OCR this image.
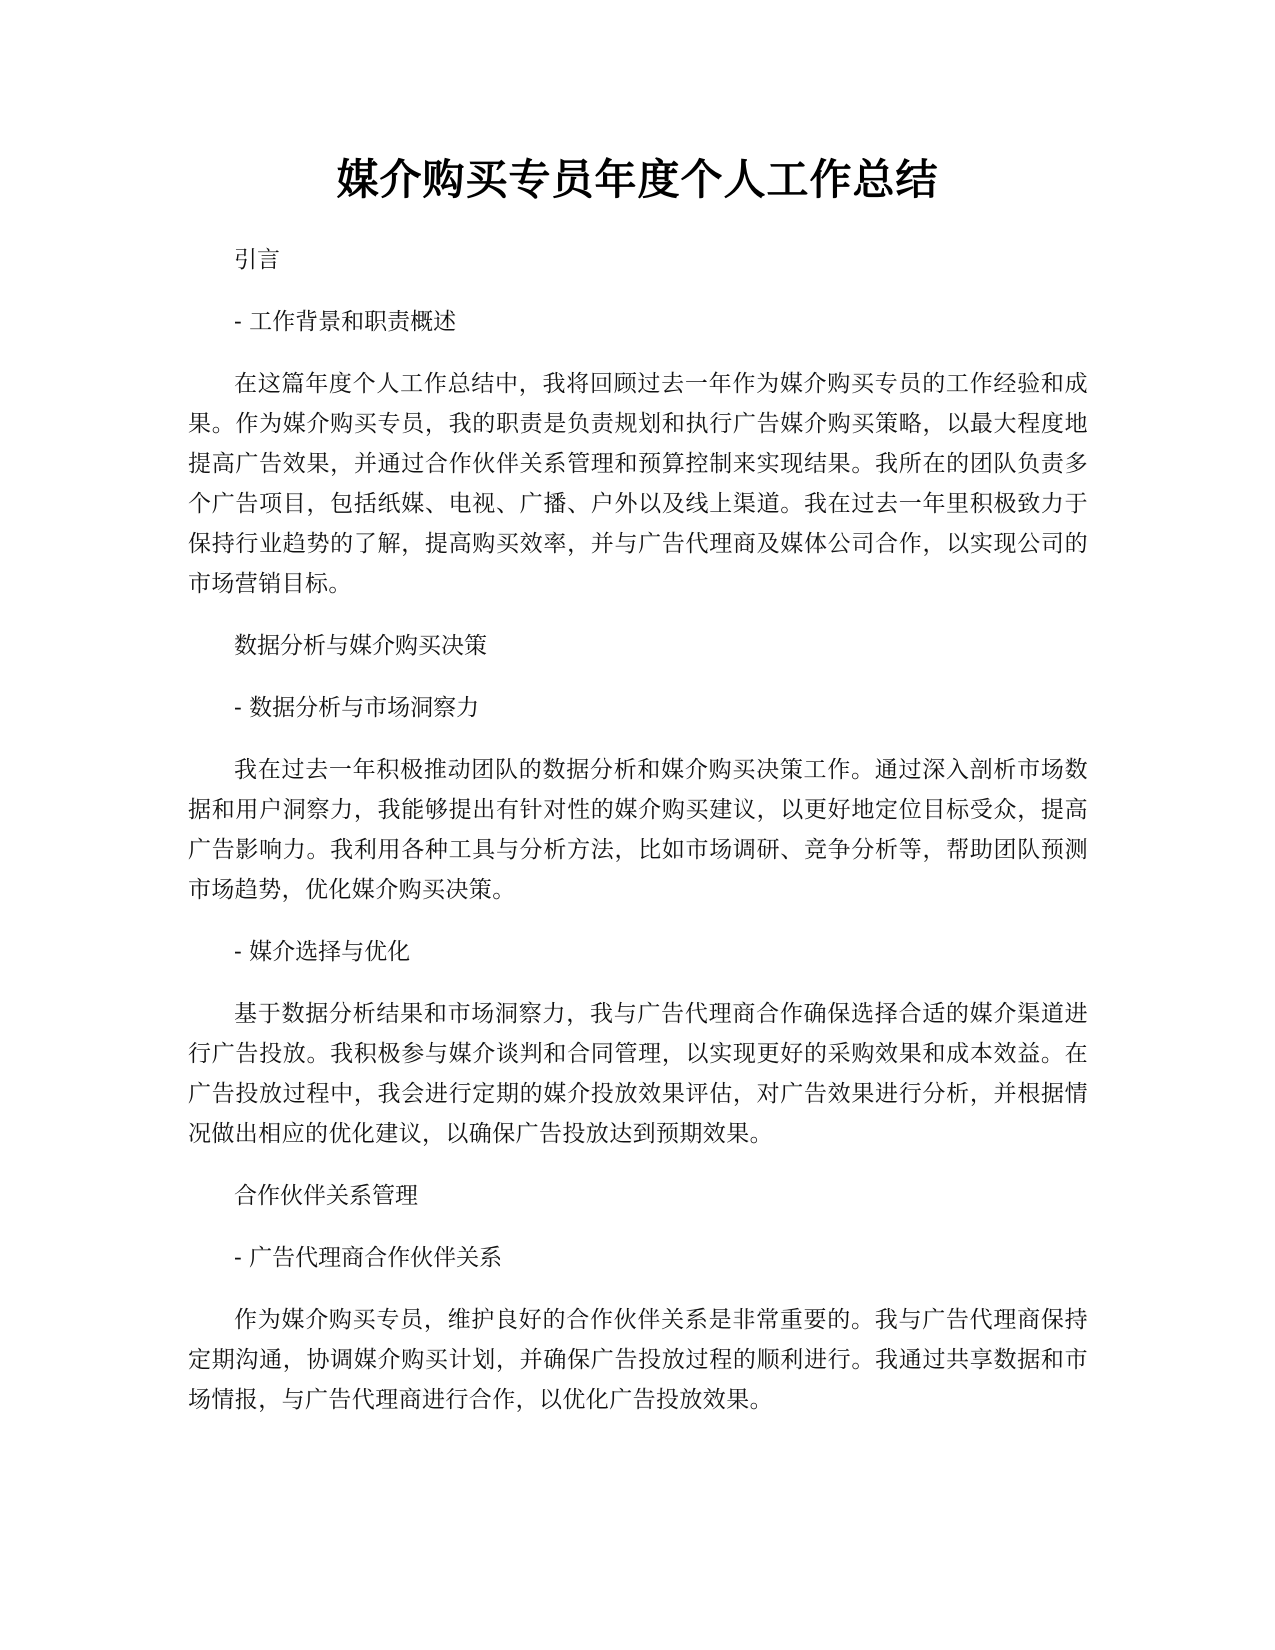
媒介购买专员年度个人工作总结
引言
- 工作背景和职责概述
在这篇年度个人工作总结中，我将回顾过去一年作为媒介购买专员的工作经验和成果。作为媒介购买专员，我的职责是负责规划和执行广告媒介购买策略，以最大程度地提高广告效果，并通过合作伙伴关系管理和预算控制来实现结果。我所在的团队负责多个广告项目，包括纸媒、电视、广播、户外以及线上渠道。我在过去一年里积极致力于保持行业趋势的了解，提高购买效率，并与广告代理商及媒体公司合作，以实现公司的市场营销目标。
数据分析与媒介购买决策
- 数据分析与市场洞察力
我在过去一年积极推动团队的数据分析和媒介购买决策工作。通过深入剖析市场数据和用户洞察力，我能够提出有针对性的媒介购买建议，以更好地定位目标受众，提高广告影响力。我利用各种工具与分析方法，比如市场调研、竞争分析等，帮助团队预测市场趋势，优化媒介购买决策。
- 媒介选择与优化
基于数据分析结果和市场洞察力，我与广告代理商合作确保选择合适的媒介渠道进行广告投放。我积极参与媒介谈判和合同管理，以实现更好的采购效果和成本效益。在广告投放过程中，我会进行定期的媒介投放效果评估，对广告效果进行分析，并根据情况做出相应的优化建议，以确保广告投放达到预期效果。
合作伙伴关系管理
- 广告代理商合作伙伴关系
作为媒介购买专员，维护良好的合作伙伴关系是非常重要的。我与广告代理商保持定期沟通，协调媒介购买计划，并确保广告投放过程的顺利进行。我通过共享数据和市场情报，与广告代理商进行合作，以优化广告投放效果。
